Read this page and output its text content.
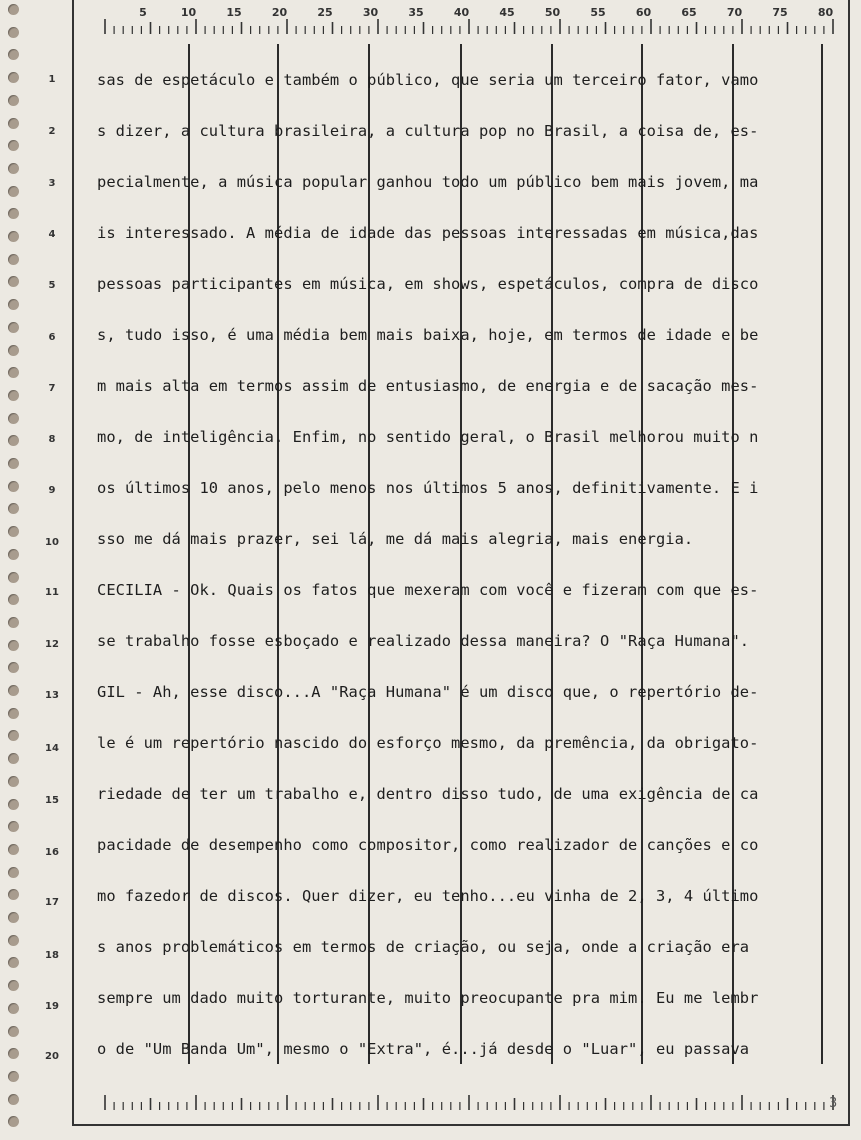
5	10	15	20	25	30	35	40	45	50	55	60	65	70	75	80
1
2
3
4
5
6
7
8
9
10
11
12
13
14
15
16
17
18
19
20
sas de espetáculo e também o público, que seria um terceiro fator, vamo
s dizer, a cultura brasileira, a cultura pop no Brasil, a coisa de, es-
pecialmente, a música popular ganhou todo um público bem mais jovem, ma
is interessado. A média de idade das pessoas interessadas em música,das
pessoas participantes em música, em shows, espetáculos, compra de disco
s, tudo isso, é uma média bem mais baixa, hoje, em termos de idade e be
m mais alta em termos assim de entusiasmo, de energia e de sacação mes-
mo, de inteligência. Enfim, no sentido geral, o Brasil melhorou muito n
os últimos 10 anos, pelo menos nos últimos 5 anos, definitivamente. E i
sso me dá mais prazer, sei lá, me dá mais alegria, mais energia.
CECILIA - Ok. Quais os fatos que mexeram com você e fizeram com que es-
se trabalho fosse esboçado e realizado dessa maneira? O "Raça Humana".
GIL - Ah, esse disco...A "Raça Humana" é um disco que, o repertório de-
le é um repertório nascido do esforço mesmo, da premência, da obrigato-
riedade de ter um trabalho e, dentro disso tudo, de uma exigência de ca
pacidade de desempenho como compositor, como realizador de canções e co
mo fazedor de discos. Quer dizer, eu tenho...eu vinha de 2, 3, 4 último
s anos problemáticos em termos de criação, ou seja, onde a criação era
sempre um dado muito torturante, muito preocupante pra mim. Eu me lembr
o de "Um Banda Um", mesmo o "Extra", é...já desde o "Luar", eu passava
3
